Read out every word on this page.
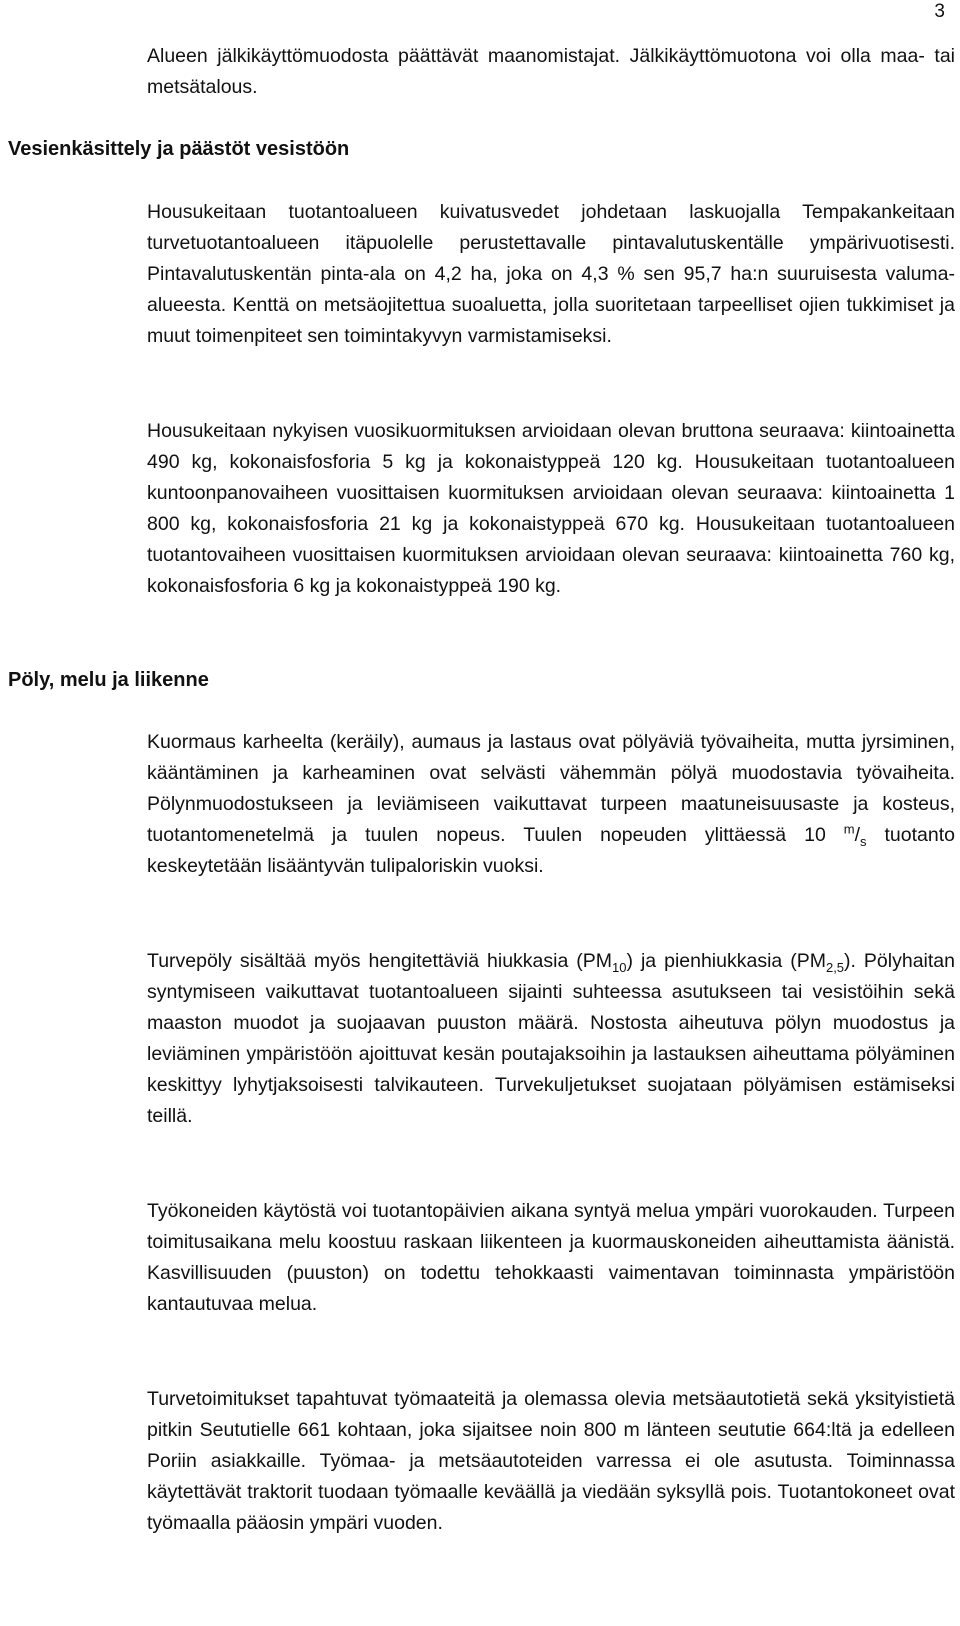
3

Alueen jälkikäyttömuodosta päättävät maanomistajat. Jälkikäyttömuotona voi olla maa- tai metsätalous.

Vesienkäsittely ja päästöt vesistöön

Housukeitaan tuotantoalueen kuivatusvedet johdetaan laskuojalla Tempakankeitaan turvetuotantoalueen itäpuolelle perustettavalle pintavalutuskentälle ympärivuotisesti. Pintavalutuskentän pinta-ala on 4,2 ha, joka on 4,3 % sen 95,7 ha:n suuruisesta valuma-alueesta. Kenttä on metsäojitettua suoaluetta, jolla suoritetaan tarpeelliset ojien tukkimiset ja muut toimenpiteet sen toimintakyvyn varmistamiseksi.

Housukeitaan nykyisen vuosikuormituksen arvioidaan olevan bruttona seuraava: kiintoainetta 490 kg, kokonaisfosforia 5 kg ja kokonaistyppeä 120 kg. Housukeitaan tuotantoalueen kuntoonpanovaiheen vuosittaisen kuormituksen arvioidaan olevan seuraava: kiintoainetta 1 800 kg, kokonaisfosforia 21 kg ja kokonaistyppeä 670 kg. Housukeitaan tuotantoalueen tuotantovaiheen vuosittaisen kuormituksen arvioidaan olevan seuraava: kiintoainetta 760 kg, kokonaisfosforia 6 kg ja kokonaistyppeä 190 kg.

Pöly, melu ja liikenne

Kuormaus karheelta (keräily), aumaus ja lastaus ovat pölyäviä työvaiheita, mutta jyrsiminen, kääntäminen ja karheaminen ovat selvästi vähemmän pölyä muodostavia työvaiheita. Pölynmuodostukseen ja leviämiseen vaikuttavat turpeen maatuneisuusaste ja kosteus, tuotantomenetelmä ja tuulen nopeus. Tuulen nopeuden ylittäessä 10 $^m/_s$ tuotanto keskeytetään lisääntyvän tulipaloriskin vuoksi.

Turvepöly sisältää myös hengitettäviä hiukkasia $(PM_{10})$ ja pienhiukkasia $(PM_{2,5})$. Pölyhaitan syntymiseen vaikuttavat tuotantoalueen sijainti suhteessa asutukseen tai vesistöihin sekä maaston muodot ja suojaavan puuston määrä. Nostosta aiheutuva pölyn muodostus ja leviäminen ympäristöön ajoittuvat kesän poutajaksoihin ja lastauksen aiheuttama pölyäminen keskittyy lyhytjaksoisesti talvikauteen. Turvekuljetukset suojataan pölyämisen estämiseksi teillä.

Työkoneiden käytöstä voi tuotantopäivien aikana syntyä melua ympäri vuorokauden. Turpeen toimitusaikana melu koostuu raskaan liikenteen ja kuormauskoneiden aiheuttamista äänistä. Kasvillisuuden (puuston) on todettu tehokkaasti vaimentavan toiminnasta ympäristöön kantautuvaa melua.

Turvetoimitukset tapahtuvat työmaateitä ja olemassa olevia metsäautotietä sekä yksityistietä pitkin Seututielle 661 kohtaan, joka sijaitsee noin 800 m länteen seututie 664:ltä ja edelleen Poriin asiakkaille. Työmaa- ja metsäautoteiden varressa ei ole asutusta. Toiminnassa käytettävät traktorit tuodaan työmaalle keväällä ja viedään syksyllä pois. Tuotantokoneet ovat työmaalla pääosin ympäri vuoden.
